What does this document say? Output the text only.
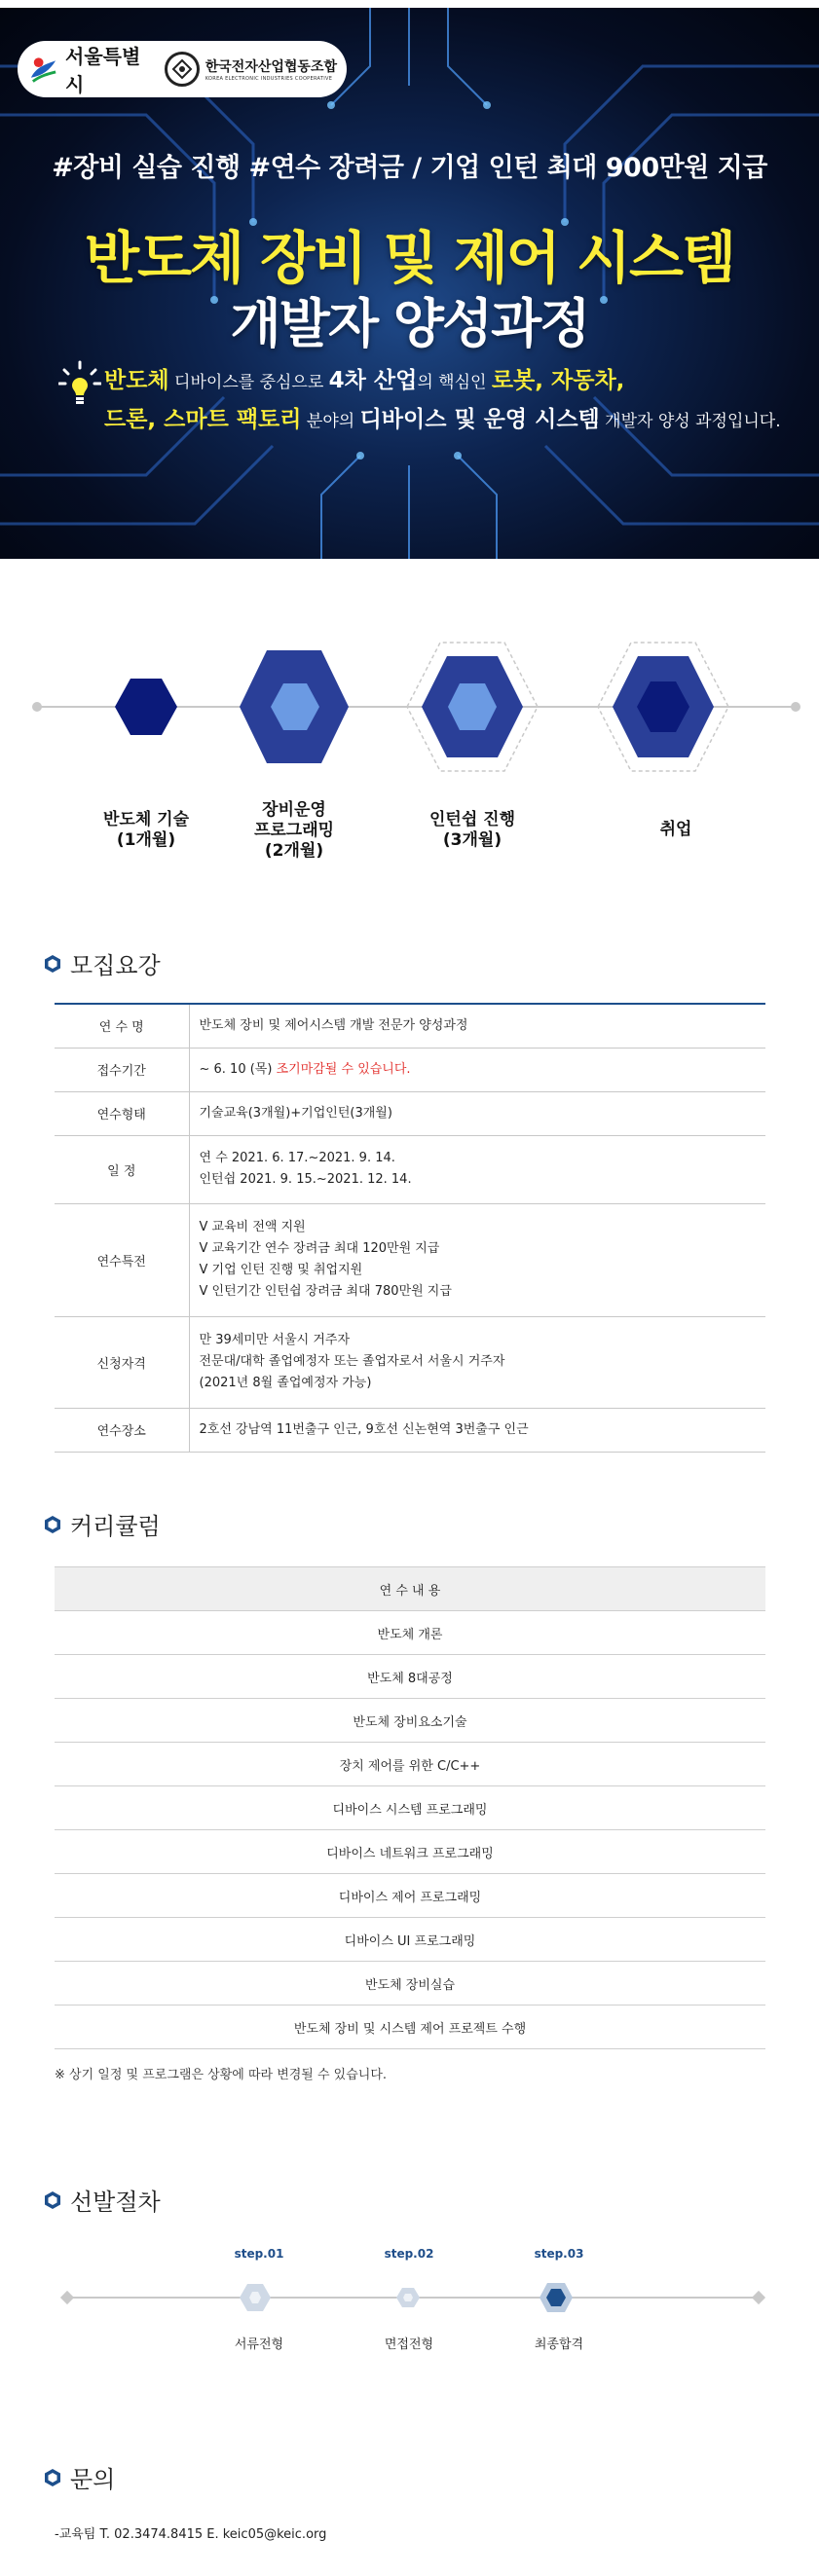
서울특별시
한국전자산업협동조합
KOREA ELECTRONIC INDUSTRIES COOPERATIVE
#장비 실습 진행 #연수 장려금 / 기업 인턴 최대 900만원 지급
반도체 장비 및 제어 시스템
개발자 양성과정
반도체 디바이스를 중심으로 4차 산업의 핵심인 로봇, 자동차,
드론, 스마트 팩토리 분야의 디바이스 및 운영 시스템 개발자 양성 과정입니다.
반도체 기술
(1개월)
장비운영
프로그래밍
(2개월)
인턴쉽 진행
(3개월)
취업
모집요강
연 수 명	반도체 장비 및 제어시스템 개발 전문가 양성과정
접수기간	~ 6. 10 (목) 조기마감될 수 있습니다.
연수형태	기술교육(3개월)+기업인턴(3개월)
일 정	연 수 2021. 6. 17.~2021. 9. 14.
인턴쉽 2021. 9. 15.~2021. 12. 14.

연수특전	V 교육비 전액 지원
V 교육기간 연수 장려금 최대 120만원 지급
V 기업 인턴 진행 및 취업지원
V 인턴기간 인턴쉽 장려금 최대 780만원 지급

신청자격	만 39세미만 서울시 거주자
전문대/대학 졸업예정자 또는 졸업자로서 서울시 거주자
(2021년 8월 졸업예정자 가능)

연수장소	2호선 강남역 11번출구 인근, 9호선 신논현역 3번출구 인근
커리큘럼
연 수 내 용
반도체 개론
반도체 8대공정
반도체 장비요소기술
장치 제어를 위한 C/C++
디바이스 시스템 프로그래밍
디바이스 네트워크 프로그래밍
디바이스 제어 프로그래밍
디바이스 UI 프로그래밍
반도체 장비실습
반도체 장비 및 시스템 제어 프로젝트 수행
※ 상기 일정 및 프로그램은 상황에 따라 변경될 수 있습니다.
선발절차
step.01	step.02	step.03
서류전형	면접전형	최종합격
문의
-교육팀 T. 02.3474.8415 E. keic05@keic.org
